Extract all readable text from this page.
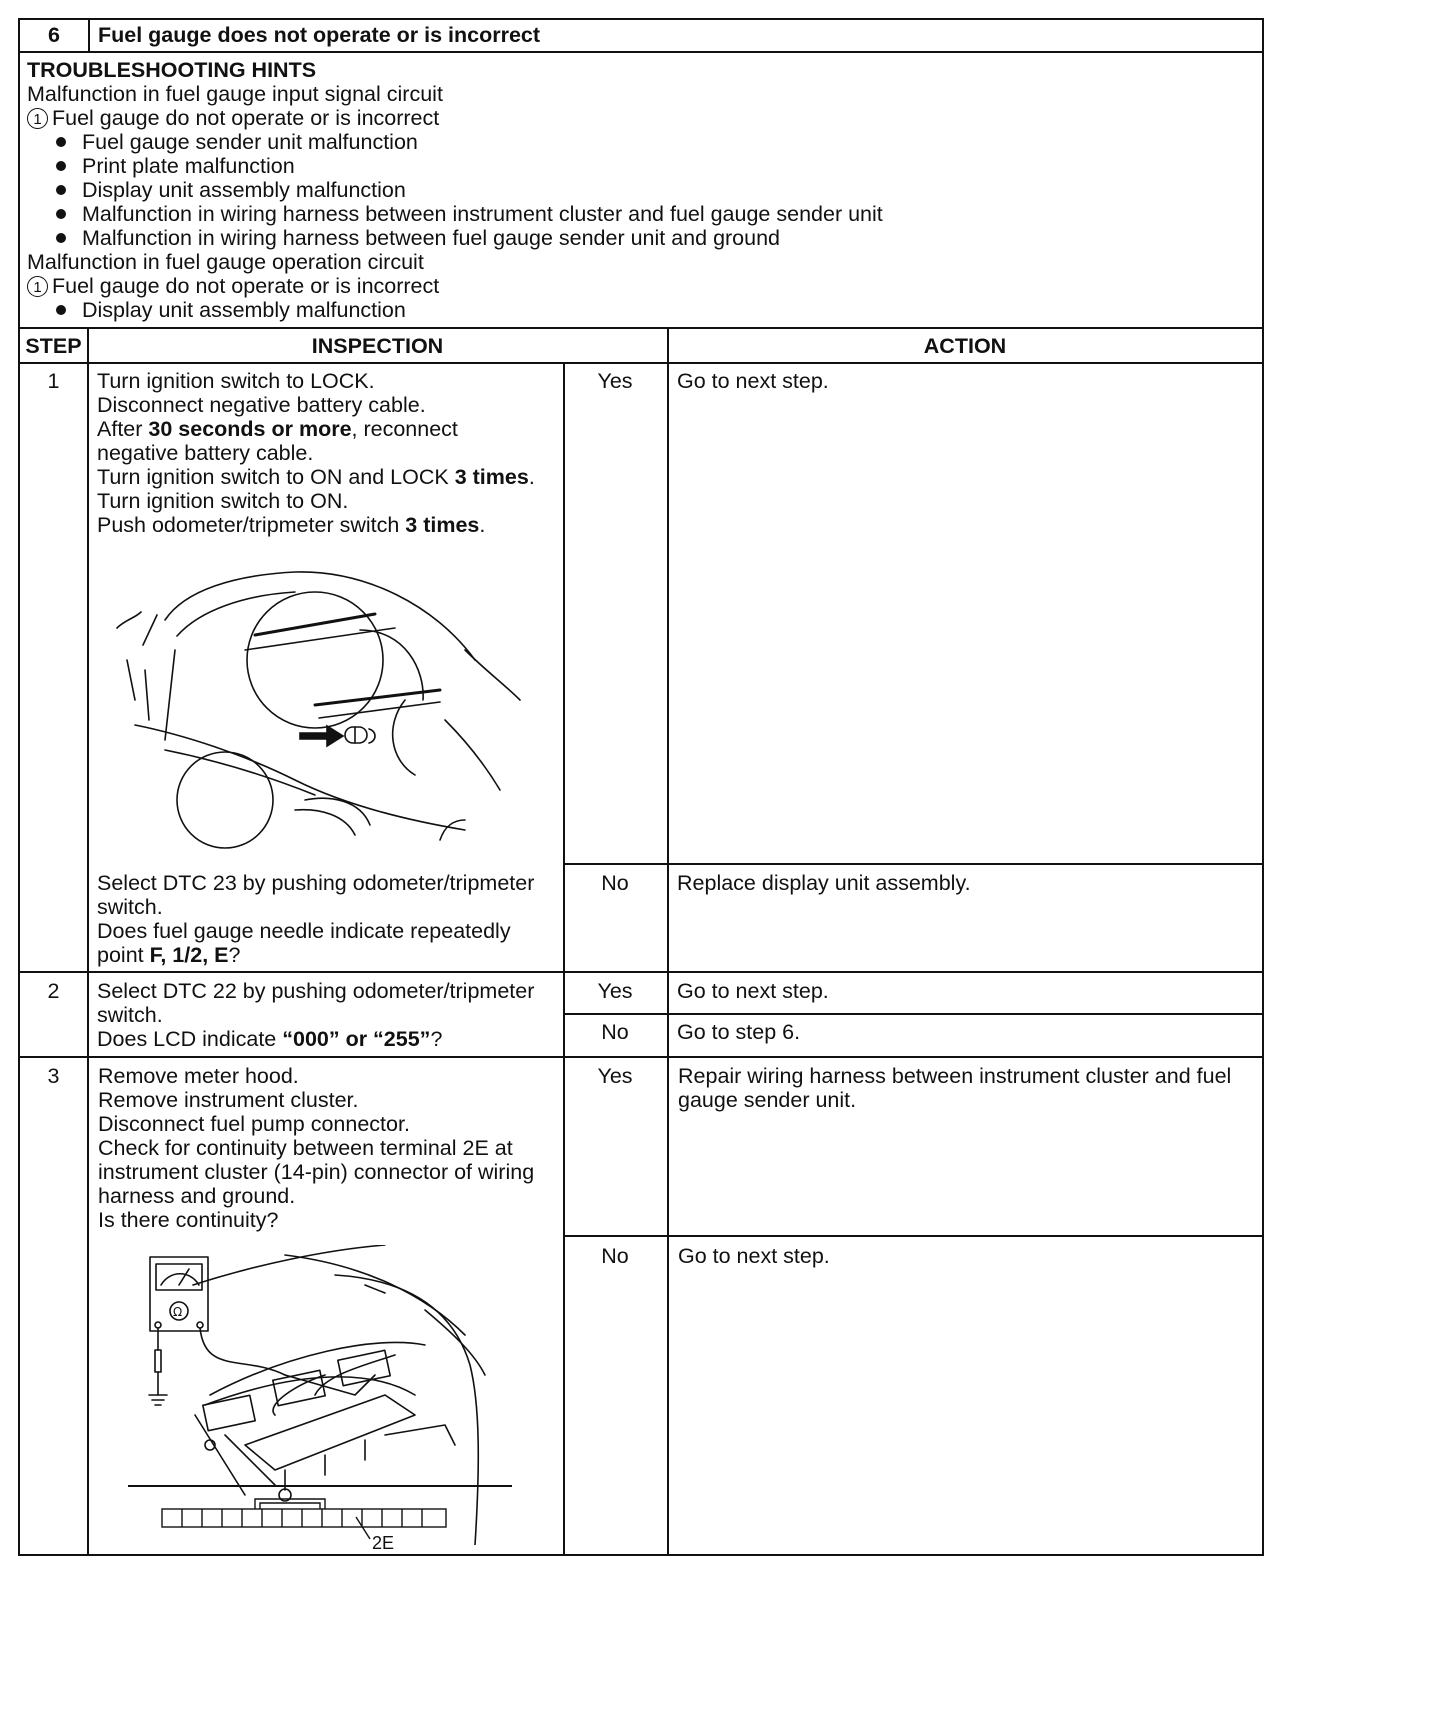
6	Fuel gauge does not operate or is incorrect
TROUBLESHOOTING HINTS
Malfunction in fuel gauge input signal circuit
1 Fuel gauge do not operate or is incorrect
Fuel gauge sender unit malfunction
Print plate malfunction
Display unit assembly malfunction
Malfunction in wiring harness between instrument cluster and fuel gauge sender unit
Malfunction in wiring harness between fuel gauge sender unit and ground
Malfunction in fuel gauge operation circuit
1 Fuel gauge do not operate or is incorrect
Display unit assembly malfunction
STEP	INSPECTION	ACTION
1	Turn ignition switch to LOCK.
Disconnect negative battery cable.
After 30 seconds or more, reconnect
negative battery cable.
Turn ignition switch to ON and LOCK 3 times.
Turn ignition switch to ON.
Push odometer/tripmeter switch 3 times.
Yes	Go to next step.
Select DTC 23 by pushing odometer/tripmeter
switch.
Does fuel gauge needle indicate repeatedly
point F, 1/2, E?
No	Replace display unit assembly.
2	Select DTC 22 by pushing odometer/tripmeter
switch.
Does LCD indicate “000” or “255”?
Yes	Go to next step.
No	Go to step 6.
3	Remove meter hood.
Remove instrument cluster.
Disconnect fuel pump connector.
Check for continuity between terminal 2E at
instrument cluster (14-pin) connector of wiring
harness and ground.
Is there continuity?
Ω
2E
Yes	Repair wiring harness between instrument cluster and fuel
gauge sender unit.
No	Go to next step.
